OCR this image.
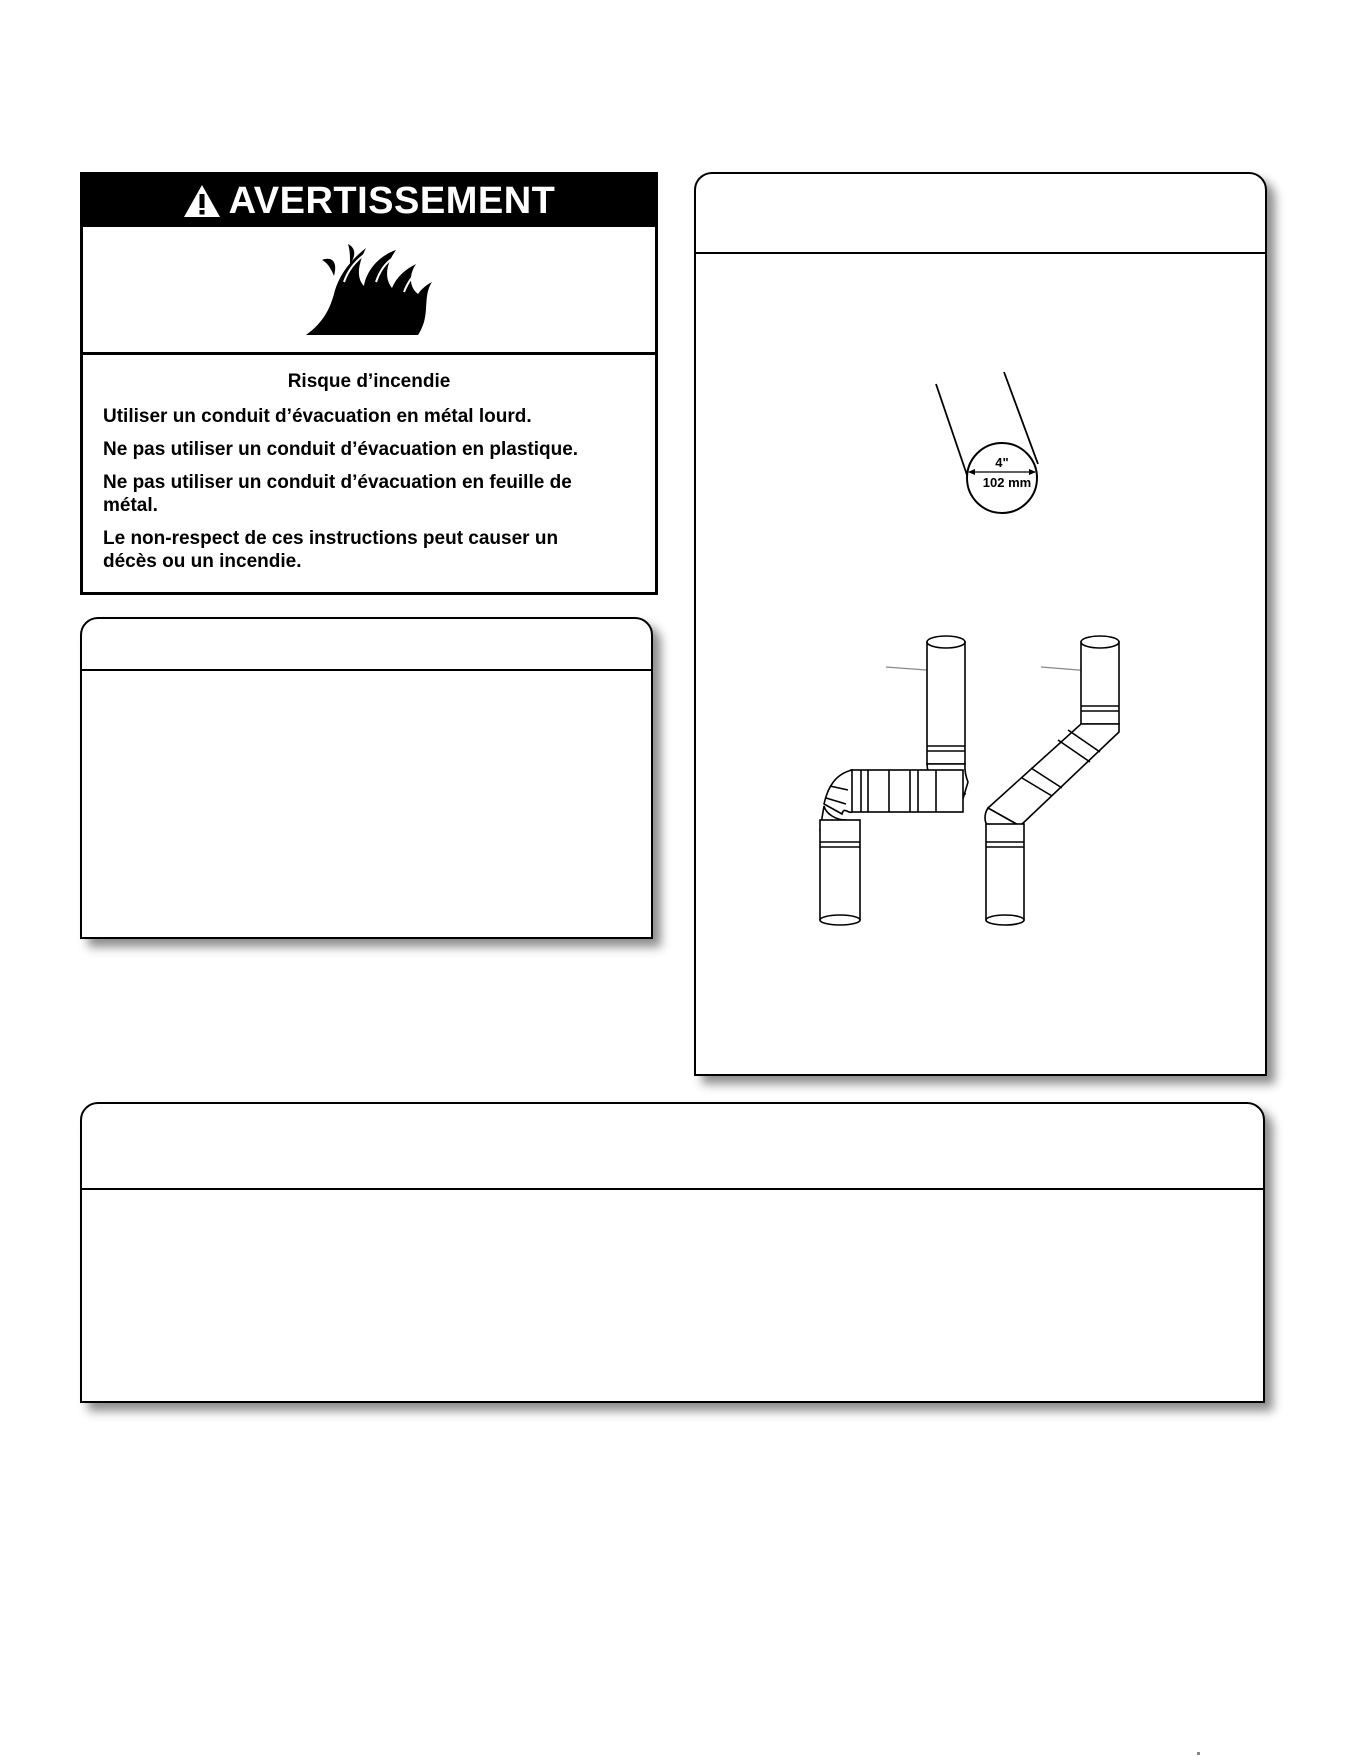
AVERTISSEMENT
Risque d’incendie
Utiliser un conduit d’évacuation en métal lourd.
Ne pas utiliser un conduit d’évacuation en plastique.
Ne pas utiliser un conduit d’évacuation en feuille de métal.
Le non-respect de ces instructions peut causer un décès ou un incendie.
4"
102 mm
